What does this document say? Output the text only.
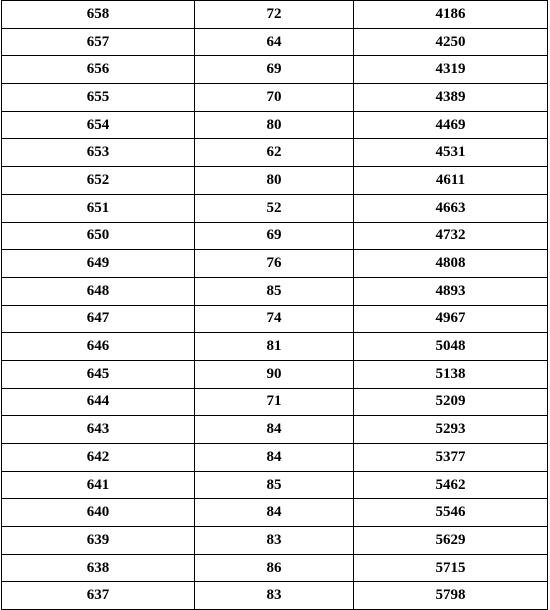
658	72	4186
657	64	4250
656	69	4319
655	70	4389
654	80	4469
653	62	4531
652	80	4611
651	52	4663
650	69	4732
649	76	4808
648	85	4893
647	74	4967
646	81	5048
645	90	5138
644	71	5209
643	84	5293
642	84	5377
641	85	5462
640	84	5546
639	83	5629
638	86	5715
637	83	5798
